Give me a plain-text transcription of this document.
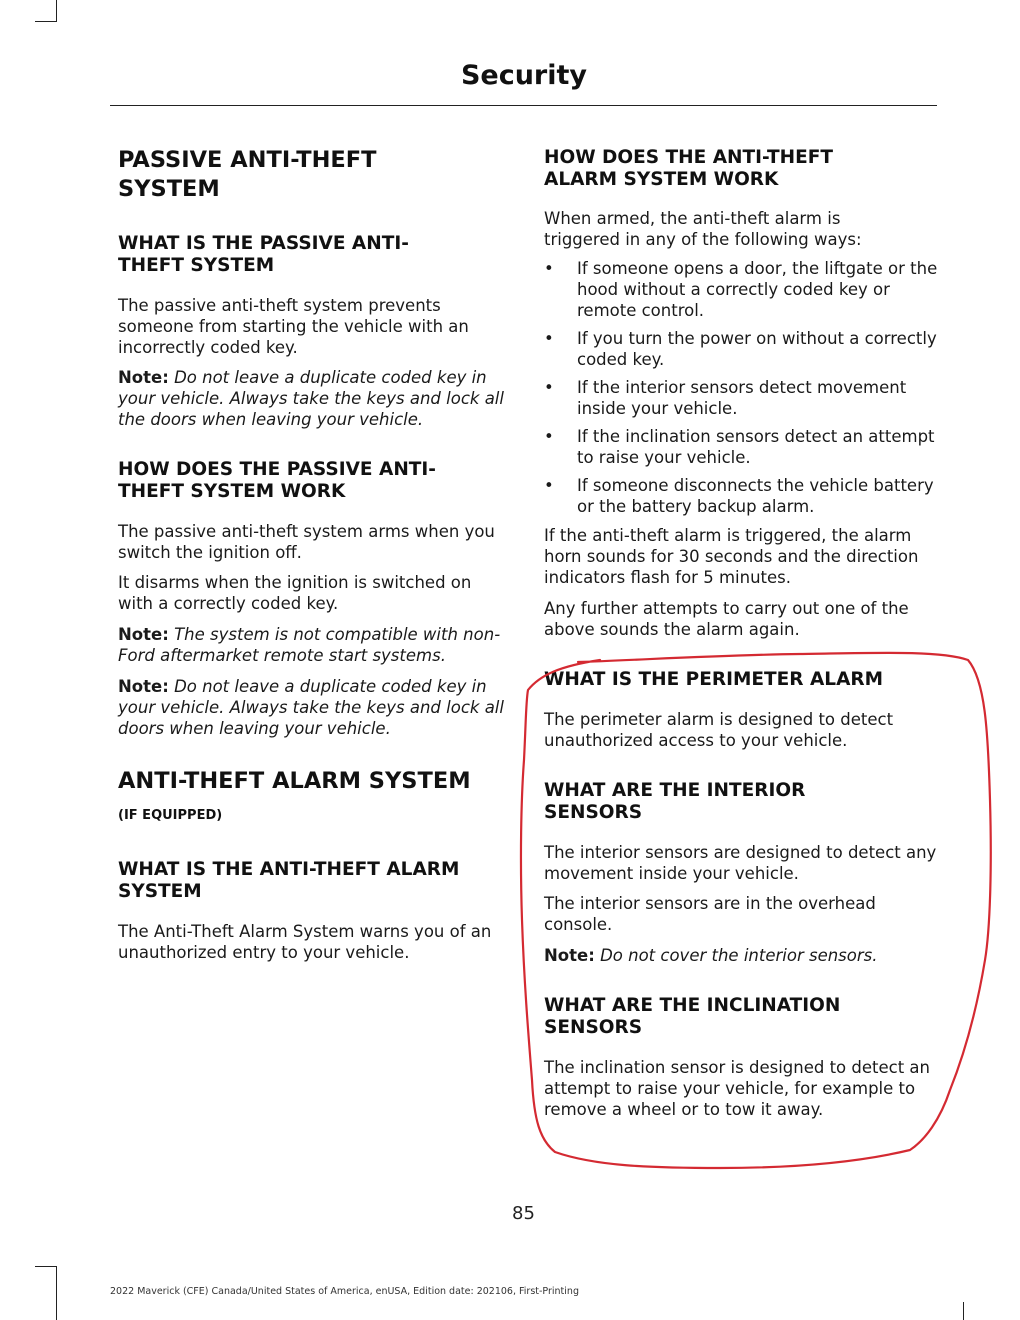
Security
PASSIVE ANTI-THEFT SYSTEM
WHAT IS THE PASSIVE ANTI-THEFT SYSTEM

The passive anti-theft system prevents someone from starting the vehicle with an incorrectly coded key.

Note: Do not leave a duplicate coded key in your vehicle. Always take the keys and lock all the doors when leaving your vehicle.

HOW DOES THE PASSIVE ANTI-THEFT SYSTEM WORK

The passive anti-theft system arms when you switch the ignition off.

It disarms when the ignition is switched on with a correctly coded key.

Note: The system is not compatible with non-Ford aftermarket remote start systems.

Note: Do not leave a duplicate coded key in your vehicle. Always take the keys and lock all doors when leaving your vehicle.

ANTI-THEFT ALARM SYSTEM
(IF EQUIPPED)
WHAT IS THE ANTI-THEFT ALARM SYSTEM

The Anti-Theft Alarm System warns you of an unauthorized entry to your vehicle.

HOW DOES THE ANTI-THEFT ALARM SYSTEM WORK

When armed, the anti-theft alarm is triggered in any of the following ways:

• If someone opens a door, the liftgate or the hood without a correctly coded key or remote control.
• If you turn the power on without a correctly coded key.
• If the interior sensors detect movement inside your vehicle.
• If the inclination sensors detect an attempt to raise your vehicle.
• If someone disconnects the vehicle battery or the battery backup alarm.

If the anti-theft alarm is triggered, the alarm horn sounds for 30 seconds and the direction indicators flash for 5 minutes.

Any further attempts to carry out one of the above sounds the alarm again.

WHAT IS THE PERIMETER ALARM

The perimeter alarm is designed to detect unauthorized access to your vehicle.

WHAT ARE THE INTERIOR SENSORS

The interior sensors are designed to detect any movement inside your vehicle.

The interior sensors are in the overhead console.

Note: Do not cover the interior sensors.

WHAT ARE THE INCLINATION SENSORS

The inclination sensor is designed to detect an attempt to raise your vehicle, for example to remove a wheel or to tow it away.

85
2022 Maverick (CFE) Canada/United States of America, enUSA, Edition date: 202106, First-Printing
